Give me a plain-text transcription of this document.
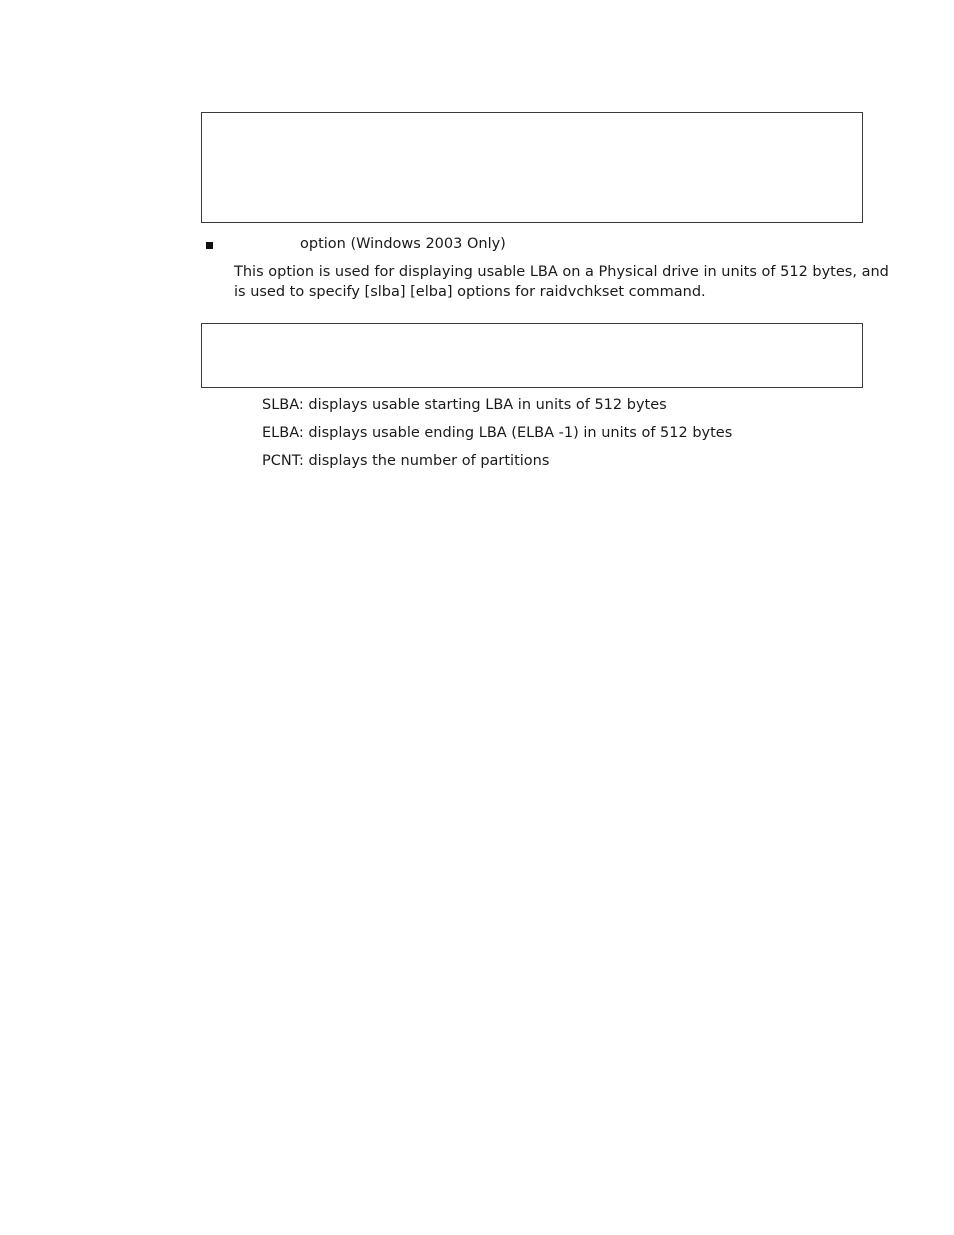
option (Windows 2003 Only)
This option is used for displaying usable LBA on a Physical drive in units of 512 bytes, and
is used to specify [slba] [elba] options for raidvchkset command.
SLBA: displays usable starting LBA in units of 512 bytes
ELBA: displays usable ending LBA (ELBA -1) in units of 512 bytes
PCNT: displays the number of partitions
